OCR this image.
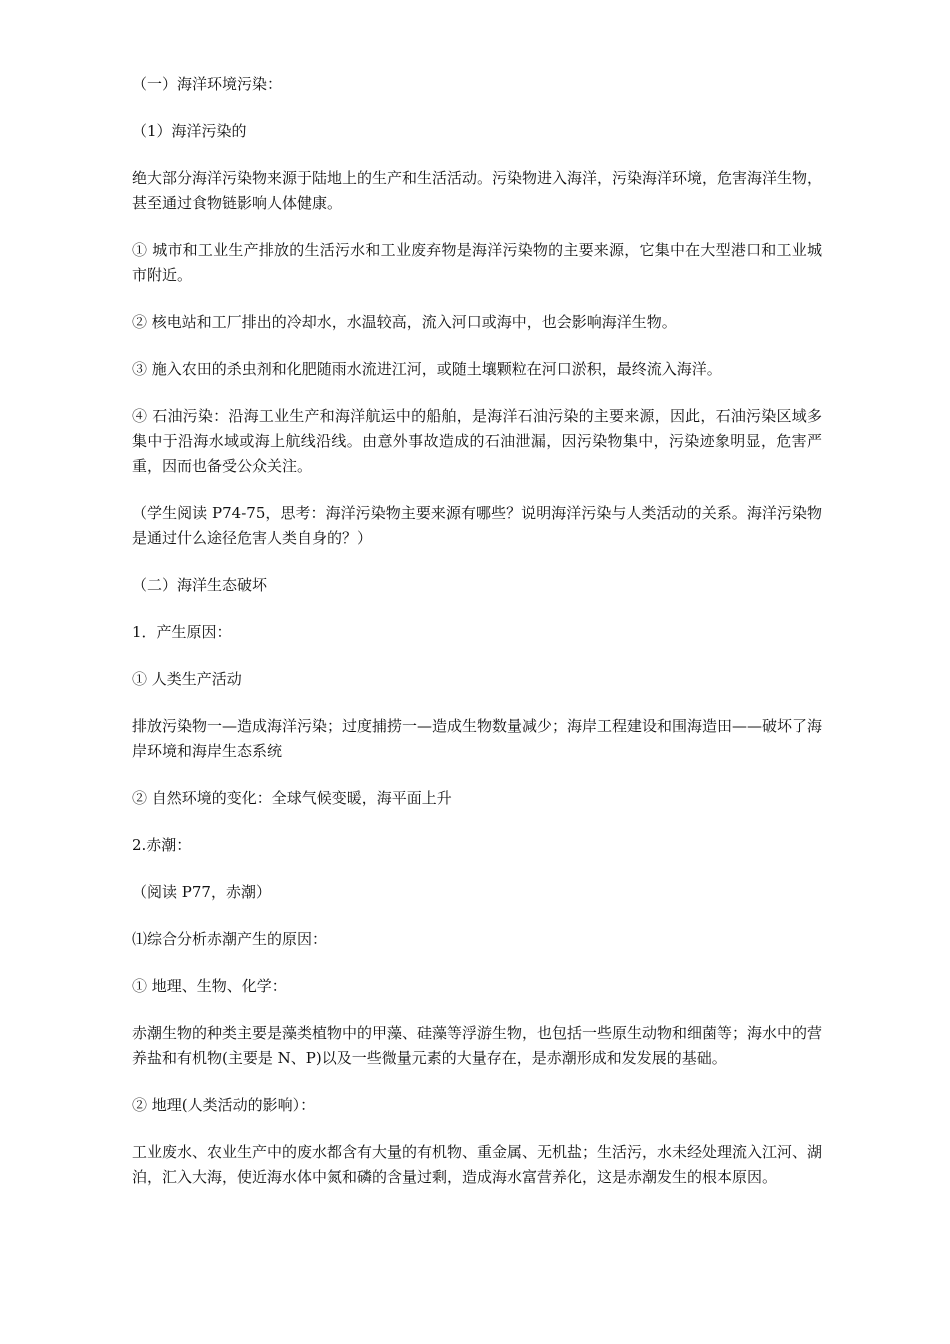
（一）海洋环境污染：

（1）海洋污染的

绝大部分海洋污染物来源于陆地上的生产和生活活动。污染物进入海洋，污染海洋环境，危害海洋生物，甚至通过食物链影响人体健康。

① 城市和工业生产排放的生活污水和工业废弃物是海洋污染物的主要来源，它集中在大型港口和工业城市附近。

② 核电站和工厂排出的冷却水，水温较高，流入河口或海中，也会影响海洋生物。

③ 施入农田的杀虫剂和化肥随雨水流进江河，或随土壤颗粒在河口淤积，最终流入海洋。

④ 石油污染：沿海工业生产和海洋航运中的船舶，是海洋石油污染的主要来源，因此，石油污染区域多集中于沿海水域或海上航线沿线。由意外事故造成的石油泄漏，因污染物集中，污染迹象明显，危害严重，因而也备受公众关注。

（学生阅读 P74-75，思考：海洋污染物主要来源有哪些？说明海洋污染与人类活动的关系。海洋污染物是通过什么途径危害人类自身的？）

（二）海洋生态破坏

1．产生原因：

① 人类生产活动

排放污染物一—造成海洋污染；过度捕捞一—造成生物数量减少；海岸工程建设和围海造田——破坏了海岸环境和海岸生态系统

② 自然环境的变化：全球气候变暖，海平面上升

2.赤潮：

（阅读 P77，赤潮）

⑴综合分析赤潮产生的原因：

① 地理、生物、化学：

赤潮生物的种类主要是藻类植物中的甲藻、硅藻等浮游生物，也包括一些原生动物和细菌等；海水中的营养盐和有机物(主要是 N、P)以及一些微量元素的大量存在，是赤潮形成和发发展的基础。

② 地理(人类活动的影响）：

工业废水、农业生产中的废水都含有大量的有机物、重金属、无机盐；生活污，水未经处理流入江河、湖泊，汇入大海，使近海水体中氮和磷的含量过剩，造成海水富营养化，这是赤潮发生的根本原因。
